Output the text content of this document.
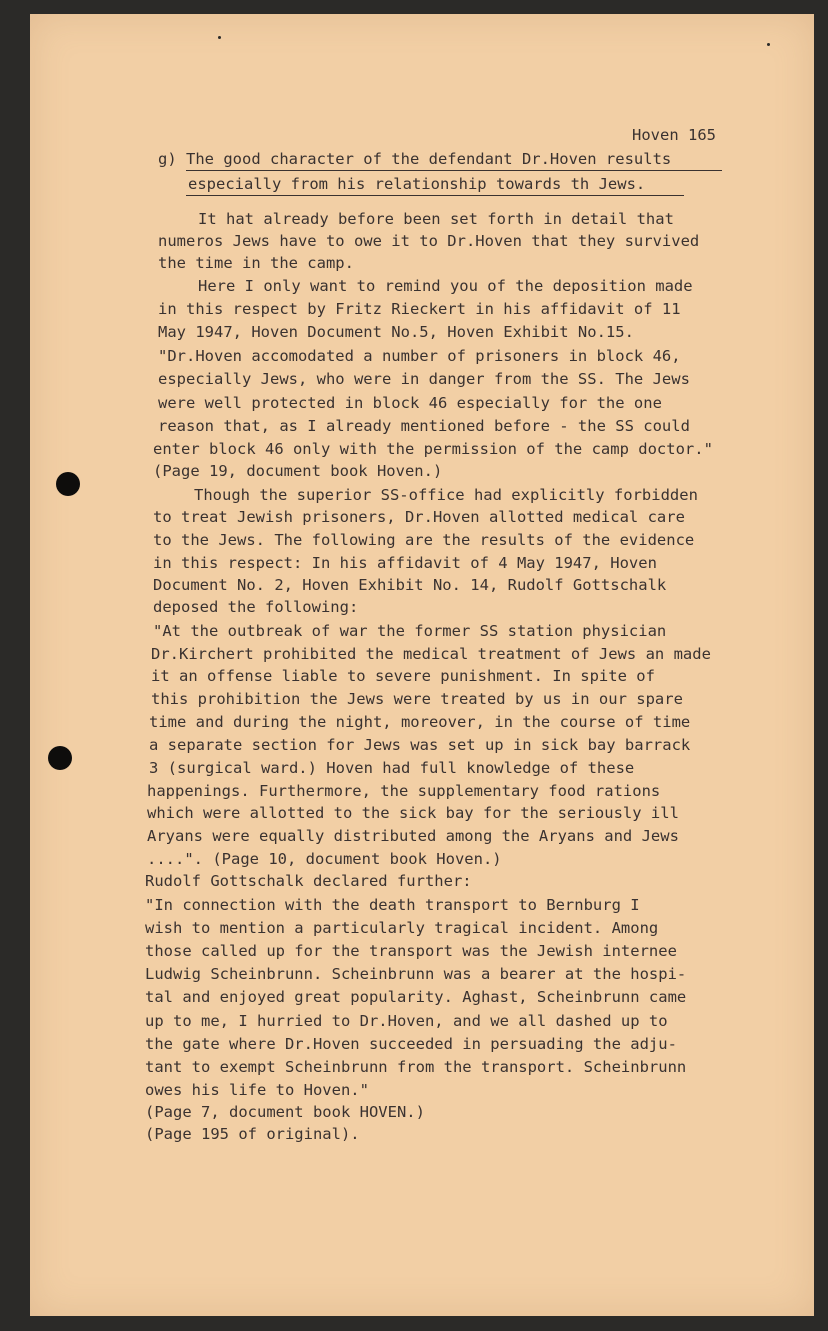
Hoven 165

g) The good character of the defendant Dr.Hoven results

especially from his relationship towards th Jews.

It hat already before been set forth in detail that

numeros Jews have to owe it to Dr.Hoven that they survived

the time in the camp.

Here I only want to remind you of the deposition made

in this respect by Fritz Rieckert in his affidavit of 11

May 1947, Hoven Document No.5, Hoven Exhibit No.15.

"Dr.Hoven accomodated a number of prisoners in block 46,

especially Jews, who were in danger from the SS. The Jews

were well protected in block 46 especially for the one

reason that, as I already mentioned before - the SS could

enter block 46 only with the permission of the camp doctor."

(Page 19, document book Hoven.)

Though the superior SS-office had explicitly forbidden

to treat Jewish prisoners, Dr.Hoven allotted medical care

to the Jews. The following are the results of the evidence

in this respect: In his affidavit of 4 May 1947, Hoven

Document No. 2, Hoven Exhibit No. 14, Rudolf Gottschalk

deposed the following:

"At the outbreak of war the former SS station physician

Dr.Kirchert prohibited the medical treatment of Jews an made

it an offense liable to severe punishment. In spite of

this prohibition the Jews were treated by us in our spare

time and during the night, moreover, in the course of time

a separate section for Jews was set up in sick bay barrack

3 (surgical ward.) Hoven had full knowledge of these

happenings. Furthermore, the supplementary food rations

which were allotted to the sick bay for the seriously ill

Aryans were equally distributed among the Aryans and Jews

....". (Page 10, document book Hoven.)

Rudolf Gottschalk declared further:

"In connection with the death transport to Bernburg I

wish to mention a particularly tragical incident. Among

those called up for the transport was the Jewish internee

Ludwig Scheinbrunn. Scheinbrunn was a bearer at the hospi-

tal and enjoyed great popularity. Aghast, Scheinbrunn came

up to me, I hurried to Dr.Hoven, and we all dashed up to

the gate where Dr.Hoven succeeded in persuading the adju-

tant to exempt Scheinbrunn from the transport. Scheinbrunn

owes his life to Hoven."

(Page 7, document book HOVEN.)

(Page 195 of original).
